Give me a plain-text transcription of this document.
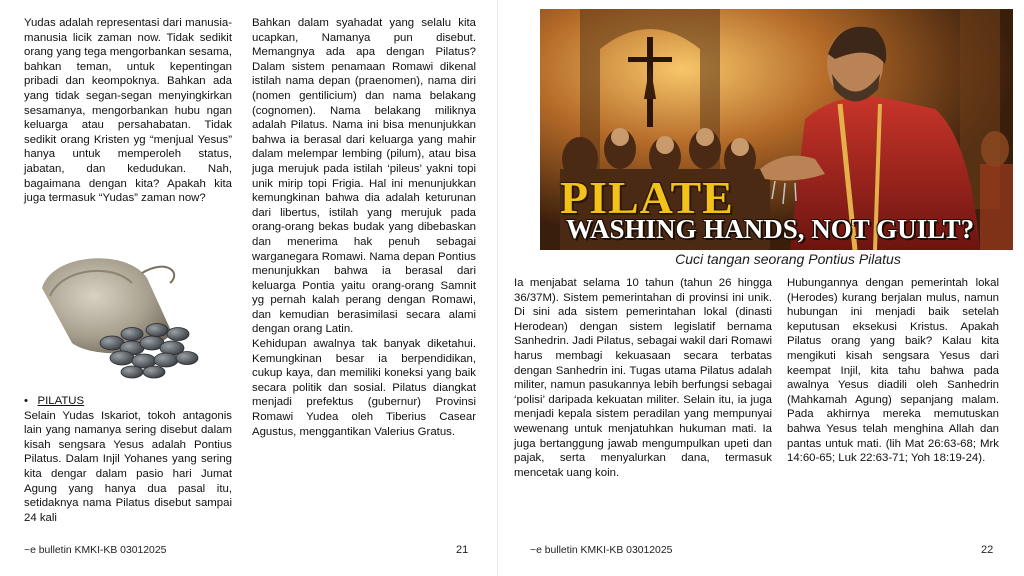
Yudas adalah representasi dari manusia-manusia licik zaman now. Tidak sedikit orang yang tega mengorbankan sesama, bahkan teman, untuk kepentingan pribadi dan keompoknya. Bahkan ada yang tidak segan-segan menyingkirkan sesamanya, mengorbankan hubu ngan keluarga atau persahabatan. Tidak sedikit orang Kristen yg “menjual Yesus” hanya untuk memperoleh status, jabatan, dan kedudukan. Nah, bagaimana dengan kita? Apakah kita juga termasuk “Yudas” zaman now?

• PILATUS

Selain Yudas Iskariot, tokoh antagonis lain yang namanya sering disebut dalam kisah sengsara Yesus adalah Pontius Pilatus. Dalam Injil Yohanes yang sering kita dengar dalam pasio hari Jumat Agung yang hanya dua pasal itu, setidaknya nama Pilatus disebut sampai 24 kali

Bahkan dalam syahadat yang selalu kita ucapkan, Namanya pun disebut. Memangnya ada apa dengan Pilatus? Dalam sistem penamaan Romawi dikenal istilah nama depan (praenomen), nama diri (nomen gentilicium) dan nama belakang (cognomen). Nama belakang miliknya adalah Pilatus. Nama ini bisa menunjukkan bahwa ia berasal dari keluarga yang mahir dalam melempar lembing (pilum), atau bisa juga merujuk pada istilah ‘pileus’ yakni topi unik mirip topi Frigia. Hal ini menunjukkan kemungkinan bahwa dia adalah keturunan dari libertus, istilah yang merujuk pada orang-orang bekas budak yang dibebaskan dan menerima hak penuh sebagai warganegara Romawi. Nama depan Pontius menunjukkan bahwa ia berasal dari keluarga Pontia yaitu orang-orang Samnit yg pernah kalah perang dengan Romawi, dan kemudian berasimilasi secara alami dengan orang Latin.

Kehidupan awalnya tak banyak diketahui. Kemungkinan besar ia berpendidikan, cukup kaya, dan memiliki koneksi yang baik secara politik dan sosial. Pilatus diangkat menjadi prefektus (gubernur) Provinsi Romawi Yudea oleh Tiberius Casear Agustus, menggantikan Valerius Gratus.

~e bulletin KMKI-KB 03012025	21
PILATE
WASHING HANDS, NOT GUILT?
Cuci tangan seorang Pontius Pilatus

Ia menjabat selama 10 tahun (tahun 26 hingga 36/37M). Sistem pemerintahan di provinsi ini unik. Di sini ada sistem pemerintahan lokal (dinasti Herodean) dengan sistem legislatif bernama Sanhedrin. Jadi Pilatus, sebagai wakil dari Romawi harus membagi kekuasaan secara terbatas dengan Sanhedrin ini. Tugas utama Pilatus adalah militer, namun pasukannya lebih berfungsi sebagai ‘polisi’ daripada kekuatan militer. Selain itu, ia juga menjadi kepala sistem peradilan yang mempunyai wewenang untuk menjatuhkan hukuman mati. Ia juga bertanggung jawab mengumpulkan upeti dan pajak, serta menyalurkan dana, termasuk mencetak uang koin.

Hubungannya dengan pemerintah lokal (Herodes) kurang berjalan mulus, namun hubungan ini menjadi baik setelah keputusan eksekusi Kristus. Apakah Pilatus orang yang baik? Kalau kita mengikuti kisah sengsara Yesus dari keempat Injil, kita tahu bahwa pada awalnya Yesus diadili oleh Sanhedrin (Mahkamah Agung) sepanjang malam. Pada akhirnya mereka memutuskan bahwa Yesus telah menghina Allah dan pantas untuk mati. (lih Mat 26:63-68; Mrk 14:60-65; Luk 22:63-71; Yoh 18:19-24).

~e bulletin KMKI-KB 03012025	22
